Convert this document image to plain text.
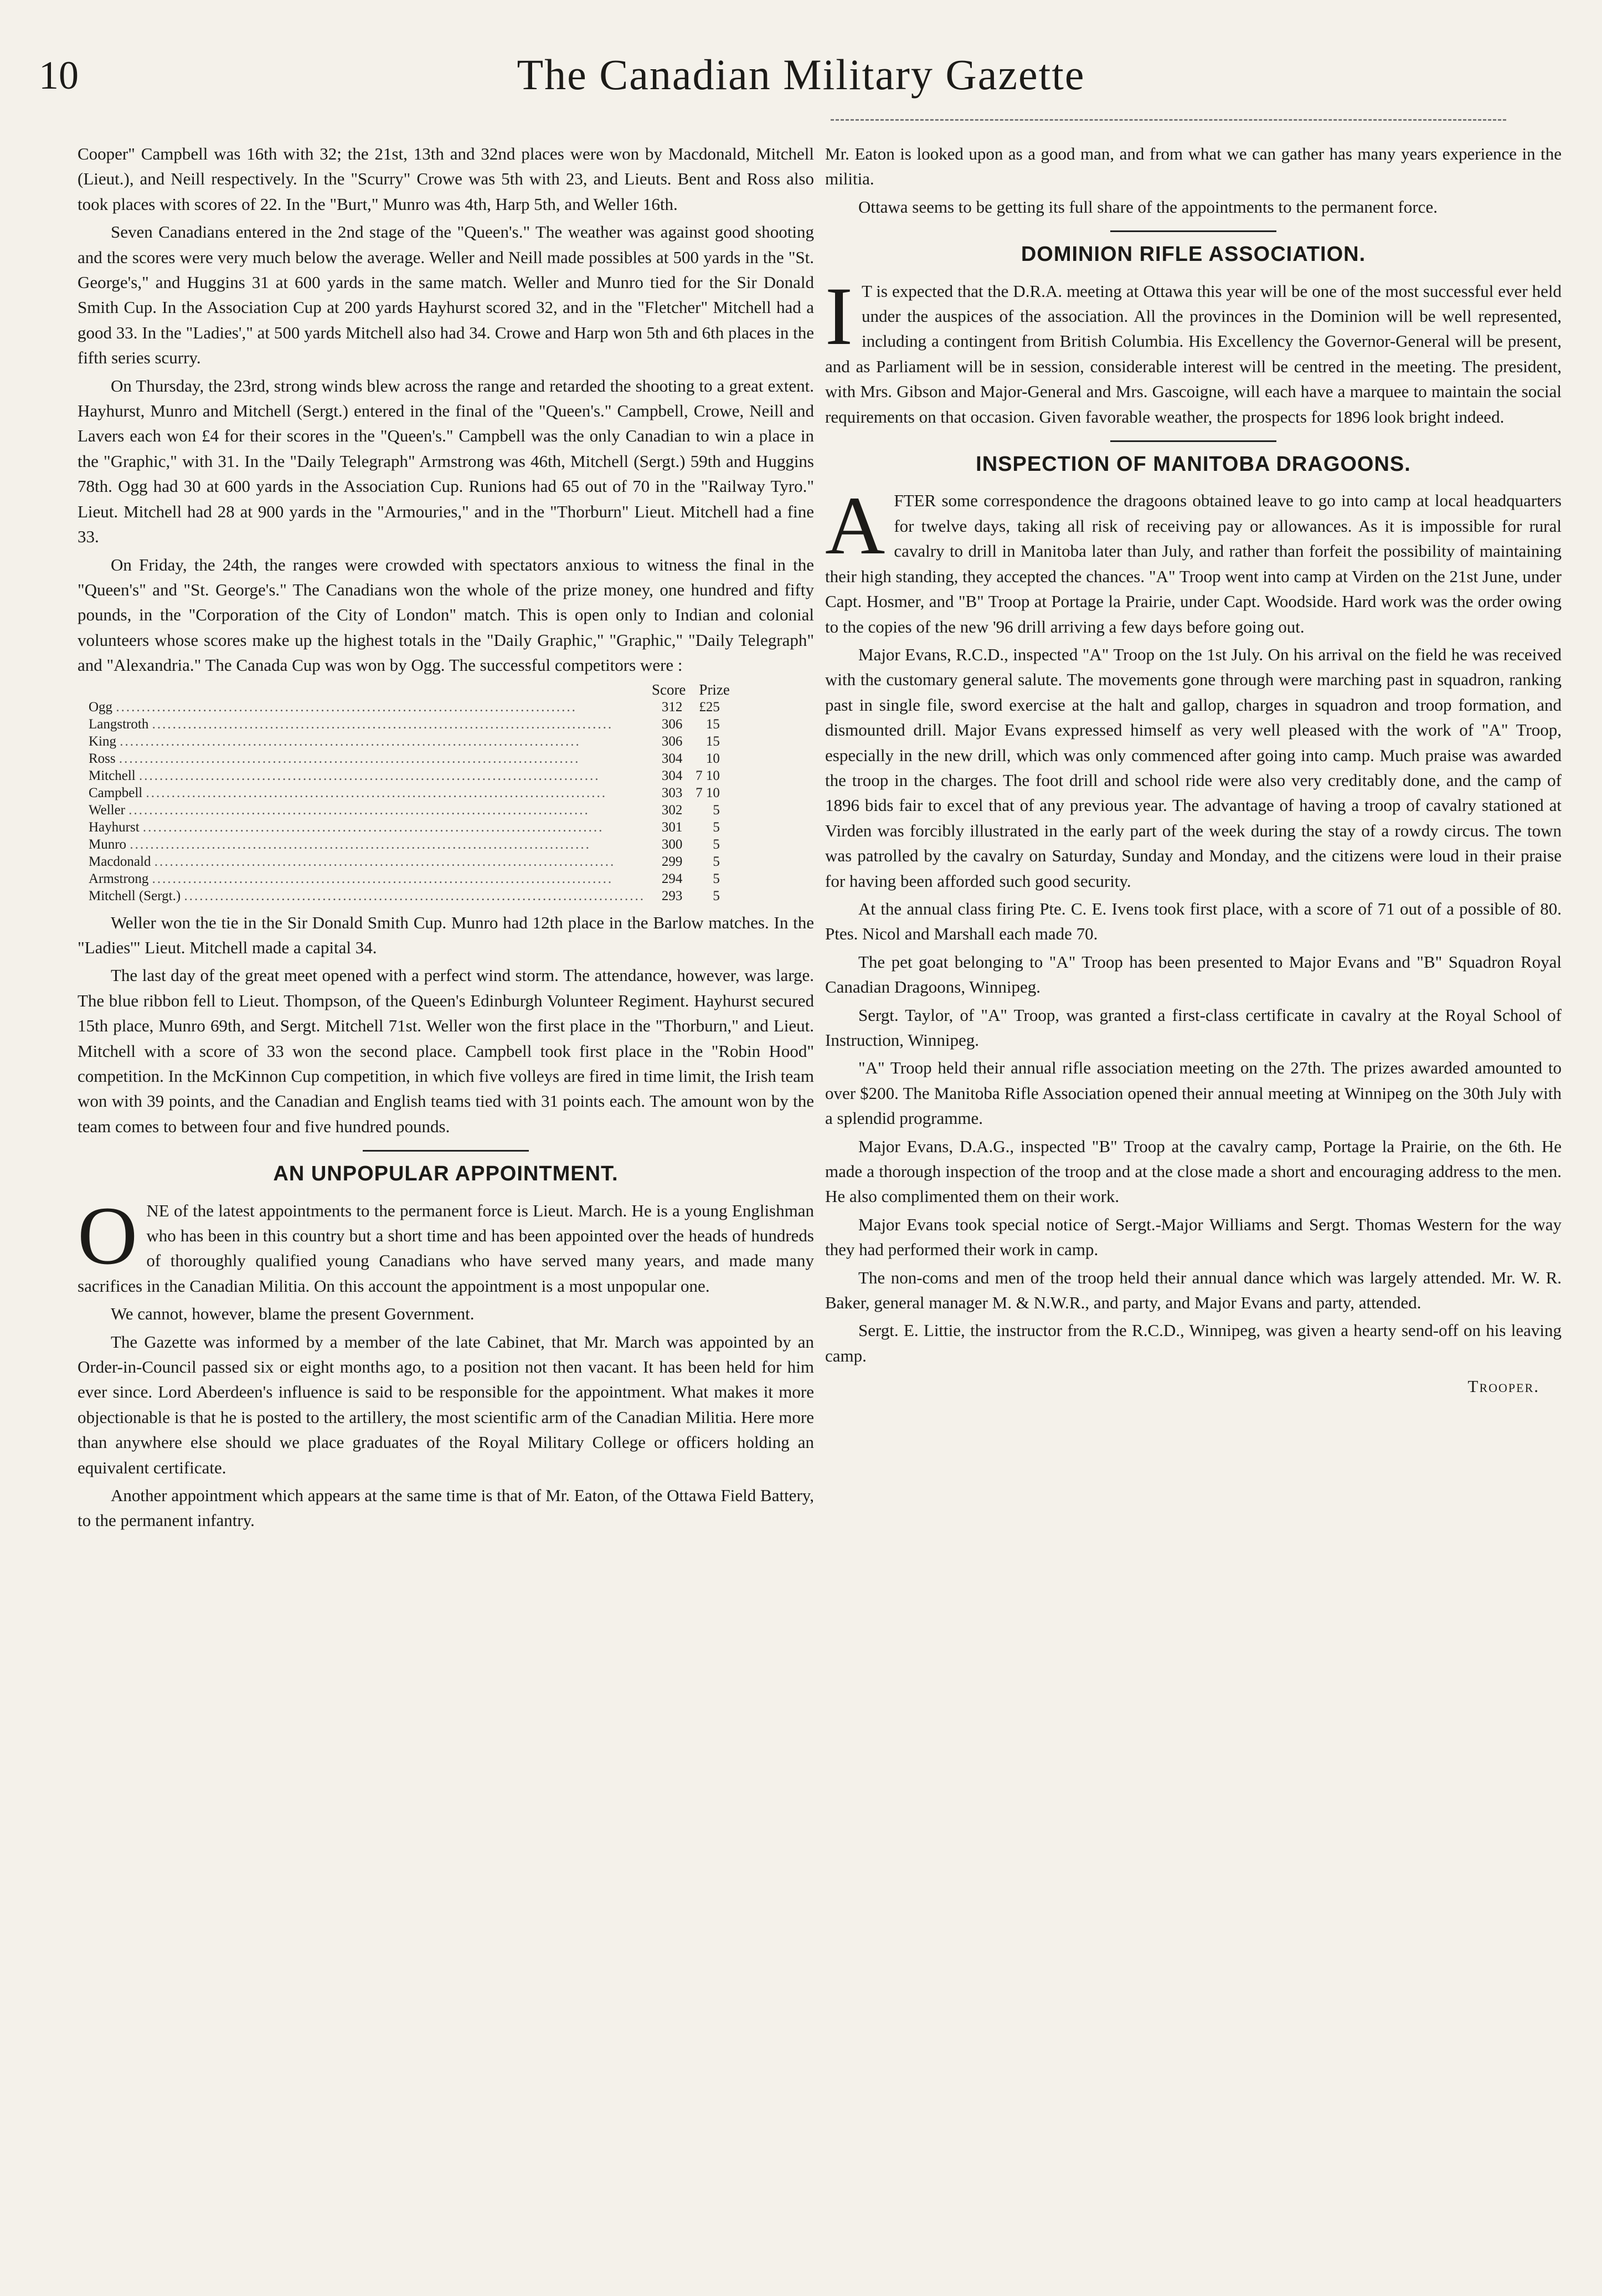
10	The Canadian Military Gazette

Cooper" Campbell was 16th with 32; the 21st, 13th and 32nd places were won by Macdonald, Mitchell (Lieut.), and Neill respectively. In the "Scurry" Crowe was 5th with 23, and Lieuts. Bent and Ross also took places with scores of 22. In the "Burt," Munro was 4th, Harp 5th, and Weller 16th.

Seven Canadians entered in the 2nd stage of the "Queen's." The weather was against good shooting and the scores were very much below the average. Weller and Neill made possibles at 500 yards in the "St. George's," and Huggins 31 at 600 yards in the same match. Weller and Munro tied for the Sir Donald Smith Cup. In the Association Cup at 200 yards Hayhurst scored 32, and in the "Fletcher" Mitchell had a good 33. In the "Ladies'," at 500 yards Mitchell also had 34. Crowe and Harp won 5th and 6th places in the fifth series scurry.

On Thursday, the 23rd, strong winds blew across the range and retarded the shooting to a great extent. Hayhurst, Munro and Mitchell (Sergt.) entered in the final of the "Queen's." Campbell, Crowe, Neill and Lavers each won £4 for their scores in the "Queen's." Campbell was the only Canadian to win a place in the "Graphic," with 31. In the "Daily Telegraph" Armstrong was 46th, Mitchell (Sergt.) 59th and Huggins 78th. Ogg had 30 at 600 yards in the Association Cup. Runions had 65 out of 70 in the "Railway Tyro." Lieut. Mitchell had 28 at 900 yards in the "Armouries," and in the "Thorburn" Lieut. Mitchell had a fine 33.

On Friday, the 24th, the ranges were crowded with spectators anxious to witness the final in the "Queen's" and "St. George's." The Canadians won the whole of the prize money, one hundred and fifty pounds, in the "Corporation of the City of London" match. This is open only to Indian and colonial volunteers whose scores make up the highest totals in the "Daily Graphic," "Graphic," "Daily Telegraph" and "Alexandria." The Canada Cup was won by Ogg. The successful competitors were :

	Score	Prize
Ogg ..........................................................................................	312	£25
Langstroth ..........................................................................................	306	15
King ..........................................................................................	306	15
Ross ..........................................................................................	304	10
Mitchell ..........................................................................................	304	7 10
Campbell ..........................................................................................	303	7 10
Weller ..........................................................................................	302	5
Hayhurst ..........................................................................................	301	5
Munro ..........................................................................................	300	5
Macdonald ..........................................................................................	299	5
Armstrong ..........................................................................................	294	5
Mitchell (Sergt.) ..........................................................................................	293	5

Weller won the tie in the Sir Donald Smith Cup. Munro had 12th place in the Barlow matches. In the "Ladies'" Lieut. Mitchell made a capital 34.

The last day of the great meet opened with a perfect wind storm. The attendance, however, was large. The blue ribbon fell to Lieut. Thompson, of the Queen's Edinburgh Volunteer Regiment. Hayhurst secured 15th place, Munro 69th, and Sergt. Mitchell 71st. Weller won the first place in the "Thorburn," and Lieut. Mitchell with a score of 33 won the second place. Campbell took first place in the "Robin Hood" competition. In the McKinnon Cup competition, in which five volleys are fired in time limit, the Irish team won with 39 points, and the Canadian and English teams tied with 31 points each. The amount won by the team comes to between four and five hundred pounds.

AN UNPOPULAR APPOINTMENT.

ONE of the latest appointments to the permanent force is Lieut. March. He is a young Englishman who has been in this country but a short time and has been appointed over the heads of hundreds of thoroughly qualified young Canadians who have served many years, and made many sacrifices in the Canadian Militia. On this account the appointment is a most unpopular one.

We cannot, however, blame the present Government.

The Gazette was informed by a member of the late Cabinet, that Mr. March was appointed by an Order-in-Council passed six or eight months ago, to a position not then vacant. It has been held for him ever since. Lord Aberdeen's influence is said to be responsible for the appointment. What makes it more objectionable is that he is posted to the artillery, the most scientific arm of the Canadian Militia. Here more than anywhere else should we place graduates of the Royal Military College or officers holding an equivalent certificate.

Another appointment which appears at the same time is that of Mr. Eaton, of the Ottawa Field Battery, to the permanent infantry.

Mr. Eaton is looked upon as a good man, and from what we can gather has many years experience in the militia.

Ottawa seems to be getting its full share of the appointments to the permanent force.

DOMINION RIFLE ASSOCIATION.

I T is expected that the D.R.A. meeting at Ottawa this year will be one of the most successful ever held under the auspices of the association. All the provinces in the Dominion will be well represented, including a contingent from British Columbia. His Excellency the Governor-General will be present, and as Parliament will be in session, considerable interest will be centred in the meeting. The president, with Mrs. Gibson and Major-General and Mrs. Gascoigne, will each have a marquee to maintain the social requirements on that occasion. Given favorable weather, the prospects for 1896 look bright indeed.

INSPECTION OF MANITOBA DRAGOONS.

AFTER some correspondence the dragoons obtained leave to go into camp at local headquarters for twelve days, taking all risk of receiving pay or allowances. As it is impossible for rural cavalry to drill in Manitoba later than July, and rather than forfeit the possibility of maintaining their high standing, they accepted the chances. "A" Troop went into camp at Virden on the 21st June, under Capt. Hosmer, and "B" Troop at Portage la Prairie, under Capt. Woodside. Hard work was the order owing to the copies of the new '96 drill arriving a few days before going out.

Major Evans, R.C.D., inspected "A" Troop on the 1st July. On his arrival on the field he was received with the customary general salute. The movements gone through were marching past in squadron, ranking past in single file, sword exercise at the halt and gallop, charges in squadron and troop formation, and dismounted drill. Major Evans expressed himself as very well pleased with the work of "A" Troop, especially in the new drill, which was only commenced after going into camp. Much praise was awarded the troop in the charges. The foot drill and school ride were also very creditably done, and the camp of 1896 bids fair to excel that of any previous year. The advantage of having a troop of cavalry stationed at Virden was forcibly illustrated in the early part of the week during the stay of a rowdy circus. The town was patrolled by the cavalry on Saturday, Sunday and Monday, and the citizens were loud in their praise for having been afforded such good security.

At the annual class firing Pte. C. E. Ivens took first place, with a score of 71 out of a possible of 80. Ptes. Nicol and Marshall each made 70.

The pet goat belonging to "A" Troop has been presented to Major Evans and "B" Squadron Royal Canadian Dragoons, Winnipeg.

Sergt. Taylor, of "A" Troop, was granted a first-class certificate in cavalry at the Royal School of Instruction, Winnipeg.

"A" Troop held their annual rifle association meeting on the 27th. The prizes awarded amounted to over $200. The Manitoba Rifle Association opened their annual meeting at Winnipeg on the 30th July with a splendid programme.

Major Evans, D.A.G., inspected "B" Troop at the cavalry camp, Portage la Prairie, on the 6th. He made a thorough inspection of the troop and at the close made a short and encouraging address to the men. He also complimented them on their work.

Major Evans took special notice of Sergt.-Major Williams and Sergt. Thomas Western for the way they had performed their work in camp.

The non-coms and men of the troop held their annual dance which was largely attended. Mr. W. R. Baker, general manager M. & N.W.R., and party, and Major Evans and party, attended.

Sergt. E. Littie, the instructor from the R.C.D., Winnipeg, was given a hearty send-off on his leaving camp.

Trooper.
